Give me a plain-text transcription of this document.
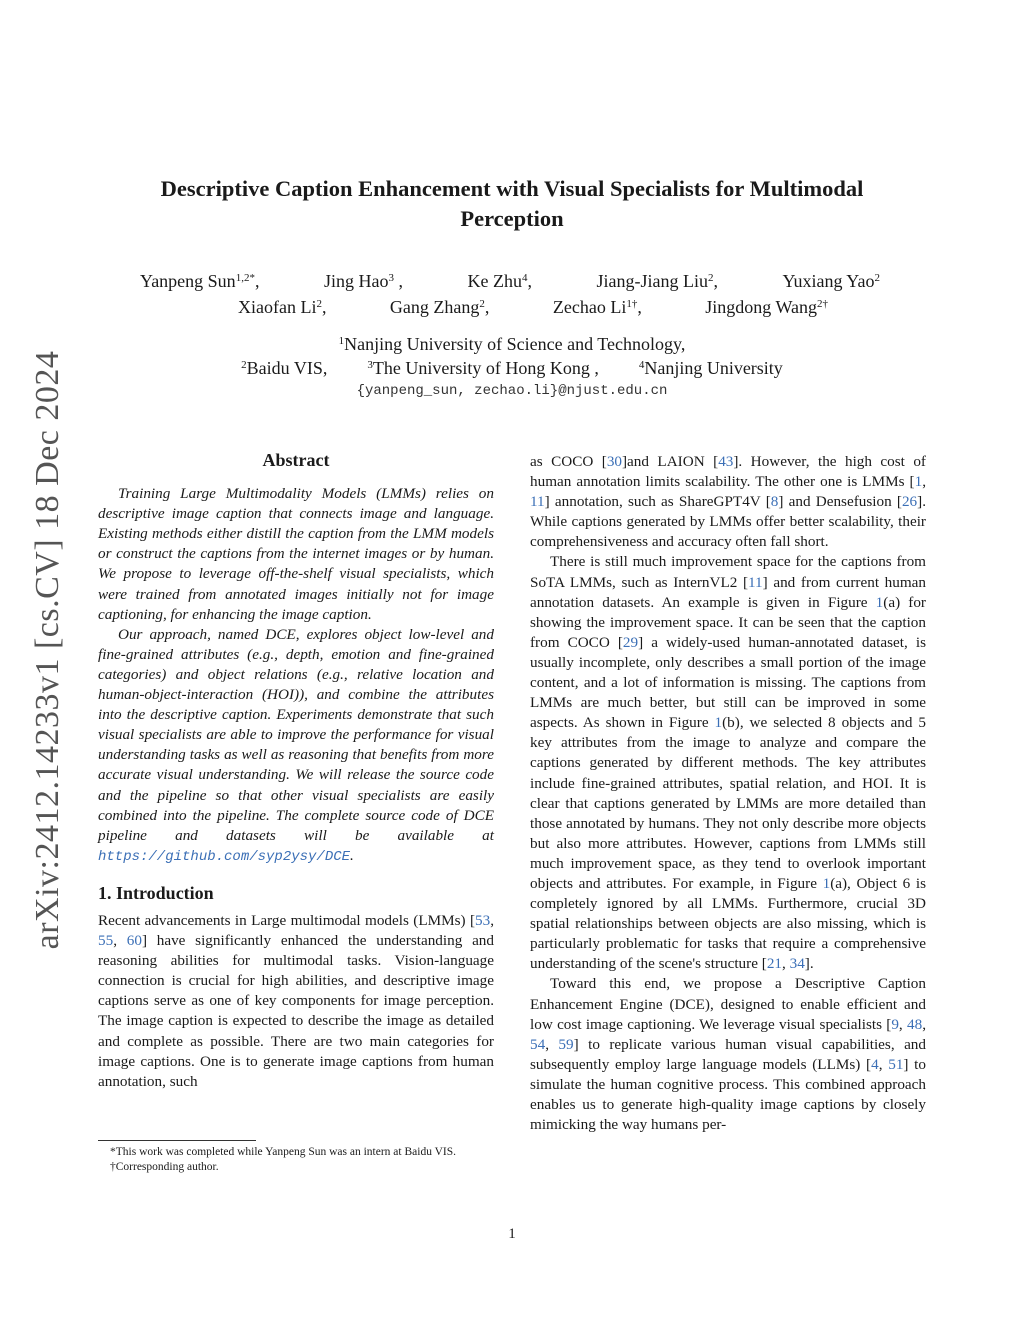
arXiv:2412.14233v1 [cs.CV] 18 Dec 2024
Descriptive Caption Enhancement with Visual Specialists for Multimodal
Perception
Yanpeng Sun$^{1,2*}$,	Jing Hao$^3$ ,	Ke Zhu$^4$,	Jiang-Jiang Liu$^2$,	Yuxiang Yao$^2$
Xiaofan Li$^2$,	Gang Zhang$^2$,	Zechao $Li^{1\dagger}$,	Jingdong Wang$^{2\dagger}$
$^1$Nanjing University of Science and Technology,
$^2$Baidu VIS,	$^3$The University of Hong Kong ,	$^4$Nanjing University
{yanpeng_sun, zechao.li}@njust.edu.cn
Abstract

Training Large Multimodality Models (LMMs) relies on descriptive image caption that connects image and language. Existing methods either distill the caption from the LMM models or construct the captions from the internet images or by human. We propose to leverage off-the-shelf visual specialists, which were trained from annotated images initially not for image captioning, for enhancing the image caption.

Our approach, named DCE, explores object low-level and fine-grained attributes (e.g., depth, emotion and fine-grained categories) and object relations (e.g., relative location and human-object-interaction (HOI)), and combine the attributes into the descriptive caption. Experiments demonstrate that such visual specialists are able to improve the performance for visual understanding tasks as well as reasoning that benefits from more accurate visual understanding. We will release the source code and the pipeline so that other visual specialists are easily combined into the pipeline. The complete source code of DCE pipeline and datasets will be available at https://github.com/syp2ysy/DCE.

1. Introduction

Recent advancements in Large multimodal models (LMMs) [53, 55, 60] have significantly enhanced the understanding and reasoning abilities for multimodal tasks. Vision-language connection is crucial for high abilities, and descriptive image captions serve as one of key components for image perception. The image caption is expected to describe the image as detailed and complete as possible. There are two main categories for image captions. One is to generate image captions from human annotation, such

*This work was completed while Yanpeng Sun was an intern at Baidu VIS.

†Corresponding author.

as COCO [30]and LAION [43]. However, the high cost of human annotation limits scalability. The other one is LMMs [1, 11] annotation, such as ShareGPT4V [8] and Densefusion [26]. While captions generated by LMMs offer better scalability, their comprehensiveness and accuracy often fall short.

There is still much improvement space for the captions from SoTA LMMs, such as InternVL2 [11] and from current human annotation datasets. An example is given in Figure 1(a) for showing the improvement space. It can be seen that the caption from COCO [29] a widely-used human-annotated dataset, is usually incomplete, only describes a small portion of the image content, and a lot of information is missing. The captions from LMMs are much better, but still can be improved in some aspects. As shown in Figure 1(b), we selected 8 objects and 5 key attributes from the image to analyze and compare the captions generated by different methods. The key attributes include fine-grained attributes, spatial relation, and HOI. It is clear that captions generated by LMMs are more detailed than those annotated by humans. They not only describe more objects but also more attributes. However, captions from LMMs still much improvement space, as they tend to overlook important objects and attributes. For example, in Figure 1(a), Object 6 is completely ignored by all LMMs. Furthermore, crucial 3D spatial relationships between objects are also missing, which is particularly problematic for tasks that require a comprehensive understanding of the scene's structure [21, 34].

Toward this end, we propose a Descriptive Caption Enhancement Engine (DCE), designed to enable efficient and low cost image captioning. We leverage visual specialists [9, 48, 54, 59] to replicate various human visual capabilities, and subsequently employ large language models (LLMs) [4, 51] to simulate the human cognitive process. This combined approach enables us to generate high-quality image captions by closely mimicking the way humans per-

1
